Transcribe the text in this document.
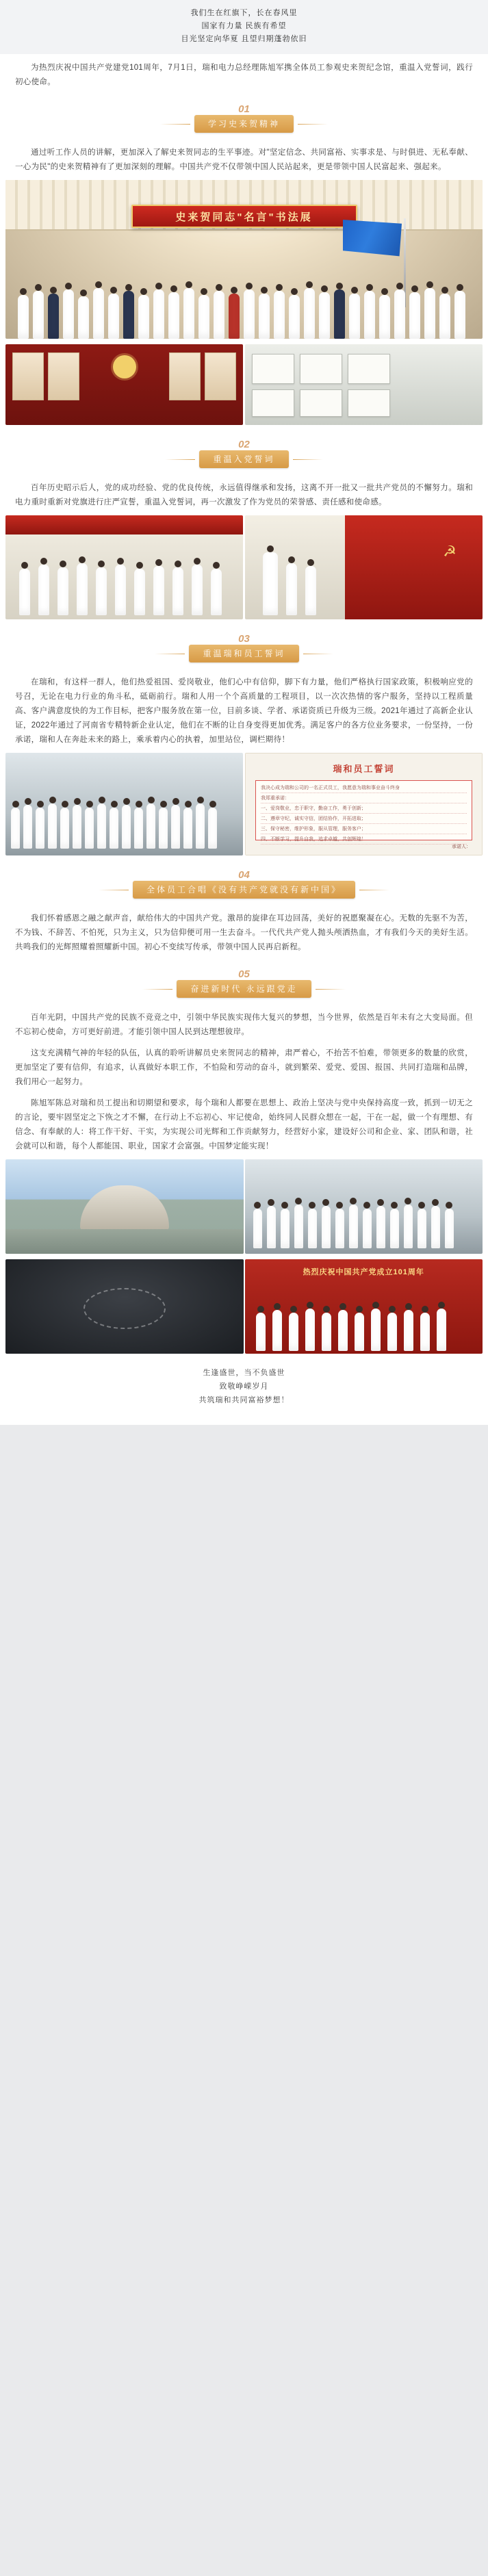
我们生在红旗下，长在春风里
国家有力量 民族有希望
目光坚定向华夏 且望归期蓬勃依旧
为热烈庆祝中国共产党建党101周年，7月1日，瑞和电力总经理陈旭军携全体员工参观史来贺纪念馆，重温入党誓词，践行初心使命。
01
学习史来贺精神
通过听工作人员的讲解，更加深入了解史来贺同志的生平事迹。对"坚定信念、共同富裕、实事求是、与时俱进、无私奉献、一心为民"的史来贺精神有了更加深刻的理解。中国共产党不仅带领中国人民站起来，更是带领中国人民富起来、强起来。
史来贺同志"名言"书法展
02
重温入党誓词
百年历史昭示后人，党的成功经验、党的优良传统，永远值得继承和发扬，这离不开一批又一批共产党员的不懈努力。瑞和电力重时重新对党旗进行庄严宣誓，重温入党誓词，再一次激发了作为党员的荣誉感、责任感和使命感。
☭
03
重温瑞和员工誓词
在瑞和，有这样一群人，他们热爱祖国、爱岗敬业，他们心中有信仰，脚下有力量，他们严格执行国家政策，积极响应党的号召，无论在电力行业的角斗私，砥砺前行。瑞和人用一个个高质量的工程项目，以一次次热情的客户服务，坚持以工程质量高、客户满意度快的为工作目标，把客户服务放在第一位，目前多谈、学者、承诺资质已升级为三级。2021年通过了高新企业认证，2022年通过了河南省专精特新企业认定，他们在不断的让自身变得更加优秀。满足客户的各方位业务要求，一份坚持，一份承诺，瑞和人在奔赴未来的路上，乘承着内心的执着，加里站位，调栏期待！
瑞和员工誓词
我决心成为瑞和公司的一名正式员工，我愿意为瑞和事业奋斗终身
我郑重承诺：
一、爱岗敬业，忠于职守，勤奋工作，勇于创新；
二、遵章守纪，诚实守信，团结协作，开拓进取；
三、保守秘密，维护形象，服从管理，服务客户；
四、不断学习，提升自我，追求卓越，共创辉煌！
承诺人：
04
全体员工合唱《没有共产党就没有新中国》
我们怀着感恩之融之献声音，献给伟大的中国共产党。激昂的旋律在耳边回荡，美好的祝愿聚凝在心。无数的先驱不为苦，不为钱、不辞苦、不怕死，只为主义，只为信仰便可用一生去奋斗。一代代共产党人抛头颅洒热血，才有我们今天的美好生活。共鸣我们的光辉照耀着照耀新中国。初心不变续写传承，带领中国人民再启新程。
05
奋进新时代 永远跟党走
百年光阴，中国共产党的民族不竞竞之中，引领中华民族实现伟大复兴的梦想，当今世界，依然是百年未有之大变局面。但不忘初心使命，方可更好前进。才能引领中国人民到达理想彼岸。
这支充满精气神的年轻的队伍，认真的聆听讲解员史来贺同志的精神，肃严着心，不抬苦不怕难，带领更多的数量的欣赏，更加坚定了要有信仰，有追求，认真做好本职工作，不怕险和劳动的奋斗，就到繁荣、爱党、爱国、报国、共同打造瑞和品牌，我们用心一起努力。
陈旭军陈总对瑞和员工提出和切期望和要求，每个瑞和人都要在思想上、政治上坚决与党中央保持高度一致，抓到一切无之的言论，要牢固坚定之下恢之才不懈，在行动上不忘初心、牢记使命，始终同人民群众想在一起，干在一起，做一个有理想、有信念、有奉献的人：将工作干好、干实，为实现公司光辉和工作贡献努力，经营好小家，建设好公司和企业、家、团队和谐，社会就可以和谐，每个人都能国、职业，国家才会富强。中国梦定能实现！
热烈庆祝中国共产党成立101周年
生逢盛世，当不负盛世
致敬峥嵘岁月
共筑瑞和共同富裕梦想！
